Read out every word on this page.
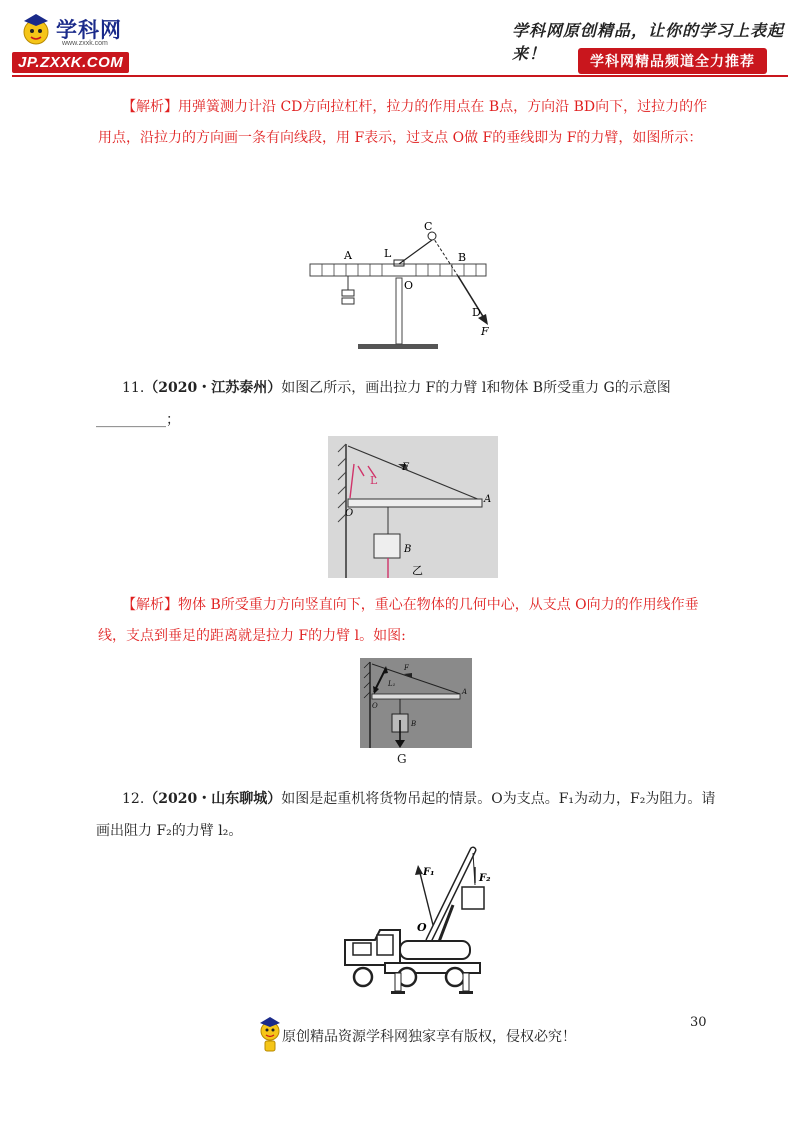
学科网
www.zxxk.com
JP.ZXXK.COM
学科网原创精品，让你的学习上表起来！	学科网精品频道全力推荐
【解析】用弹簧测力计沿 CD方向拉杠杆，拉力的作用点在 B点，方向沿 BD向下，过拉力的作
用点，沿拉力的方向画一条有向线段，用 F表示，过支点 O做 F的垂线即为 F的力臂，如图所示：
A	L
C
B
O
D
F
11.（2020・江苏泰州）如图乙所示，画出拉力 F的力臂 l和物体 B所受重力 G的示意图
__________；
L
F
O
A
B
乙
【解析】物体 B所受重力方向竖直向下，重心在物体的几何中心，从支点 O向力的作用线作垂
线，支点到垂足的距离就是拉力 F的力臂 l。如图:
F
L₁
O
A
B
G
12.（2020・山东聊城）如图是起重机将货物吊起的情景。O为支点。F₁为动力，F₂为阻力。请
画出阻力 F₂的力臂 l₂。
F₁
F₂
O
30
原创精品资源学科网独家享有版权，侵权必究！
